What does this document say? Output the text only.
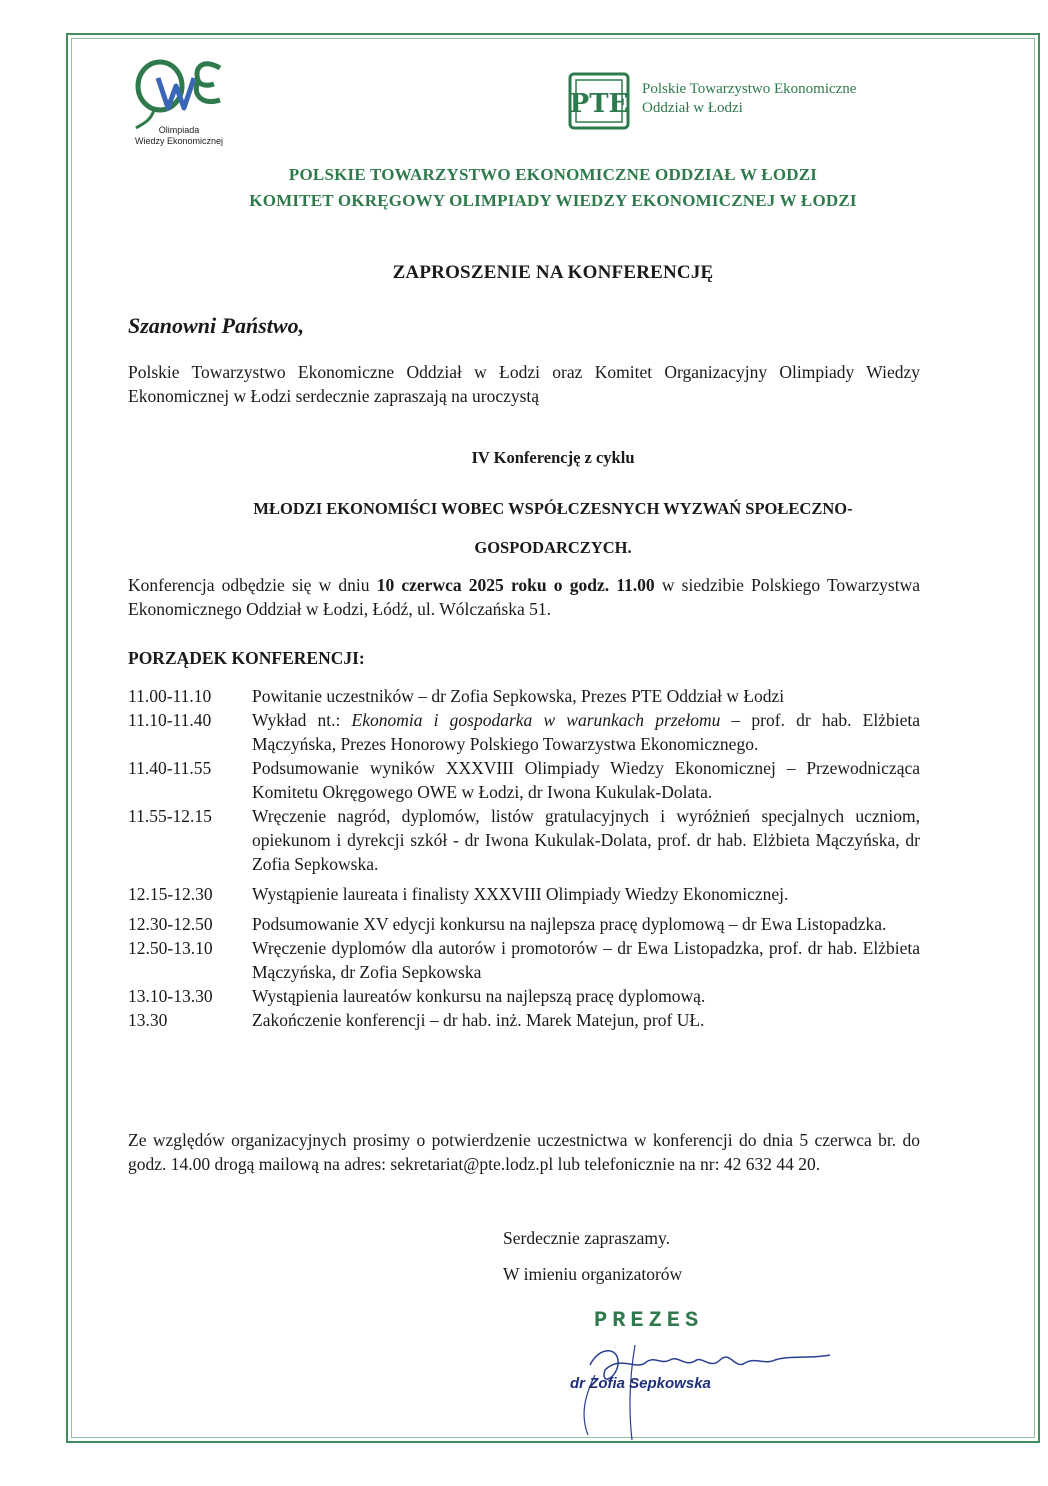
Olimpiada
Wiedzy Ekonomicznej
PTE Polskie Towarzystwo Ekonomiczne
Oddział w Łodzi
POLSKIE TOWARZYSTWO EKONOMICZNE ODDZIAŁ W ŁODZI
KOMITET OKRĘGOWY OLIMPIADY WIEDZY EKONOMICZNEJ W ŁODZI
ZAPROSZENIE NA KONFERENCJĘ
Szanowni Państwo,
Polskie Towarzystwo Ekonomiczne Oddział w Łodzi oraz Komitet Organizacyjny Olimpiady Wiedzy Ekonomicznej w Łodzi serdecznie zapraszają na uroczystą
IV Konferencję z cyklu
MŁODZI EKONOMIŚCI WOBEC WSPÓŁCZESNYCH WYZWAŃ SPOŁECZNO-
GOSPODARCZYCH.
Konferencja odbędzie się w dniu 10 czerwca 2025 roku o godz. 11.00 w siedzibie Polskiego Towarzystwa Ekonomicznego Oddział w Łodzi, Łódź, ul. Wólczańska 51.
PORZĄDEK KONFERENCJI:
11.00-11.10	Powitanie uczestników – dr Zofia Sepkowska, Prezes PTE Oddział w Łodzi
11.10-11.40	Wykład nt.: Ekonomia i gospodarka w warunkach przełomu – prof. dr hab. Elżbieta Mączyńska, Prezes Honorowy Polskiego Towarzystwa Ekonomicznego.
11.40-11.55	Podsumowanie wyników XXXVIII Olimpiady Wiedzy Ekonomicznej – Przewodnicząca Komitetu Okręgowego OWE w Łodzi, dr Iwona Kukulak-Dolata.
11.55-12.15	Wręczenie nagród, dyplomów, listów gratulacyjnych i wyróżnień specjalnych uczniom, opiekunom i dyrekcji szkół - dr Iwona Kukulak-Dolata, prof. dr hab. Elżbieta Mączyńska, dr Zofia Sepkowska.
12.15-12.30	Wystąpienie laureata i finalisty XXXVIII Olimpiady Wiedzy Ekonomicznej.
12.30-12.50	Podsumowanie XV edycji konkursu na najlepsza pracę dyplomową – dr Ewa Listopadzka.
12.50-13.10	Wręczenie dyplomów dla autorów i promotorów – dr Ewa Listopadzka, prof. dr hab. Elżbieta Mączyńska, dr Zofia Sepkowska
13.10-13.30	Wystąpienia laureatów konkursu na najlepszą pracę dyplomową.
13.30	Zakończenie konferencji – dr hab. inż. Marek Matejun, prof UŁ.
Ze względów organizacyjnych prosimy o potwierdzenie uczestnictwa w konferencji do dnia 5 czerwca br. do godz. 14.00 drogą mailową na adres: sekretariat@pte.lodz.pl lub telefonicznie na nr: 42 632 44 20.
Serdecznie zapraszamy.
W imieniu organizatorów
PREZES
dr Zofia Sepkowska
